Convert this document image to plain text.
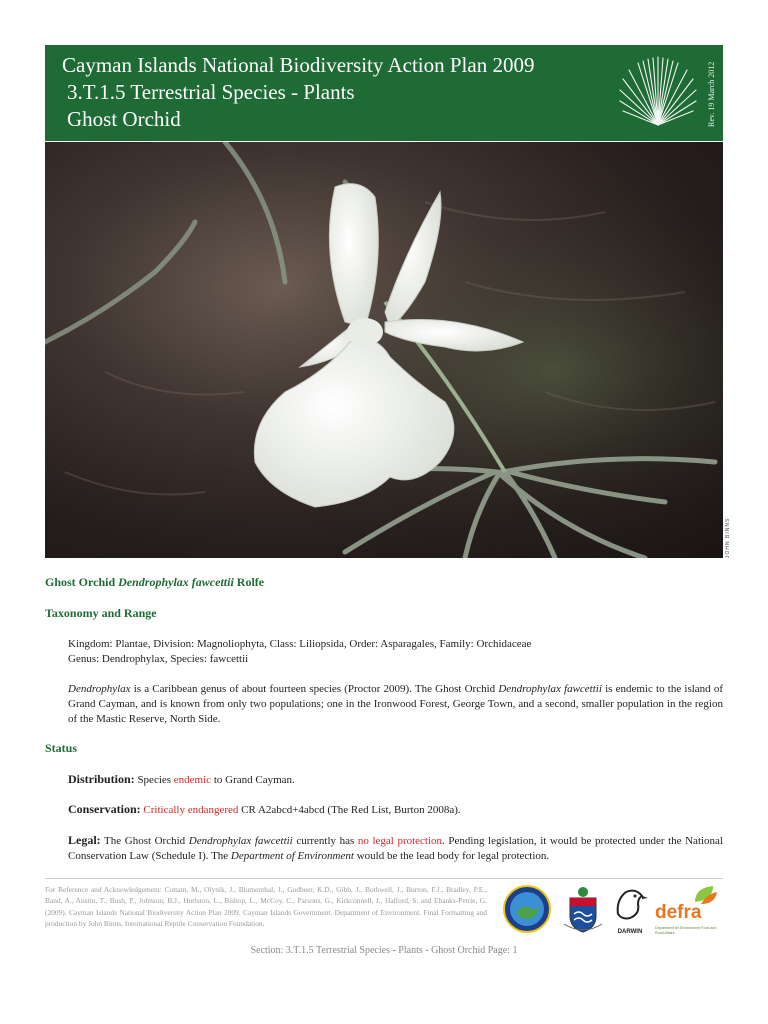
Cayman Islands National Biodiversity Action Plan 2009
3.T.1.5 Terrestrial Species - Plants
Ghost Orchid	Rev. 19 March 2012
JOHN BINNS
Ghost Orchid Dendrophylax fawcettii Rolfe
Taxonomy and Range
Kingdom: Plantae, Division: Magnoliophyta, Class: Liliopsida, Order: Asparagales, Family: Orchidaceae
Genus: Dendrophylax, Species: fawcettii
Dendrophylax is a Caribbean genus of about fourteen species (Proctor 2009). The Ghost Orchid Dendrophylax fawcettii is endemic to the island of Grand Cayman, and is known from only two populations; one in the Ironwood Forest, George Town, and a second, smaller population in the region of the Mastic Reserve, North Side.
Status
Distribution: Species endemic to Grand Cayman.
Conservation: Critically endangered CR A2abcd+4abcd (The Red List, Burton 2008a).
Legal: The Ghost Orchid Dendrophylax fawcettii currently has no legal protection. Pending legislation, it would be protected under the National Conservation Law (Schedule I). The Department of Environment would be the lead body for legal protection.
For Reference and Acknowledgement: Cottam, M., Olynik, J., Blumenthal, J., Godbeer, K.D., Gibb, J., Bothwell, J., Burton, F.J., Bradley, P.E., Band, A., Austin, T., Bush, P., Johnson, B.J., Hurlston, L., Bishop, L., McCoy, C., Parsons, G., Kirkconnell, J., Halford, S. and Ebanks-Petrie, G. (2009). Cayman Islands National Biodiversity Action Plan 2009. Cayman Islands Government. Department of Environment. Final Formatting and production by John Binns, International Reptile Conservation Foundation.
DARWIN
defra
Department for Environment Food and Rural Affairs
Section: 3.T.1.5 Terrestrial Species - Plants - Ghost Orchid Page: 1
